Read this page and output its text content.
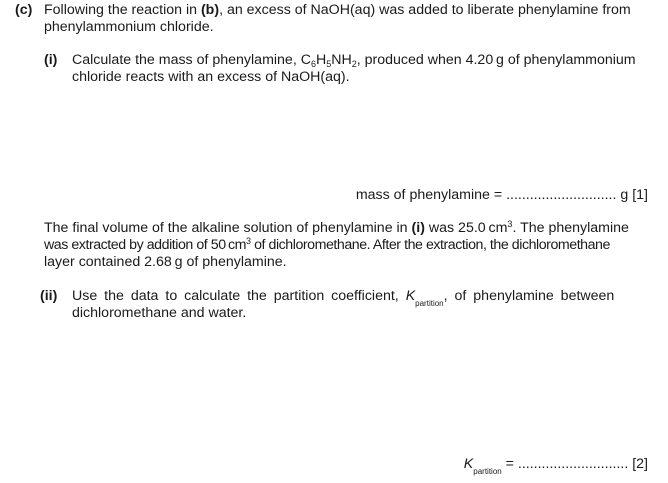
(c) Following the reaction in (b), an excess of NaOH(aq) was added to liberate phenylamine from
phenylammonium chloride.
(i) Calculate the mass of phenylamine, $C_6H_5NH_2$, produced when 4.20 g of phenylammonium
chloride reacts with an excess of NaOH(aq).
mass of phenylamine = ............................ g [1]
The final volume of the alkaline solution of phenylamine in (i) was 25.0 $cm^3$. The phenylamine
was extracted by addition of 50 $cm^3$ of dichloromethane. After the extraction, the dichloromethane
layer contained 2.68 g of phenylamine.
(ii) Use the data to calculate the partition coefficient, $K_{partition}$, of phenylamine between
dichloromethane and water.
$K_{partition}$ = ............................ [2]
